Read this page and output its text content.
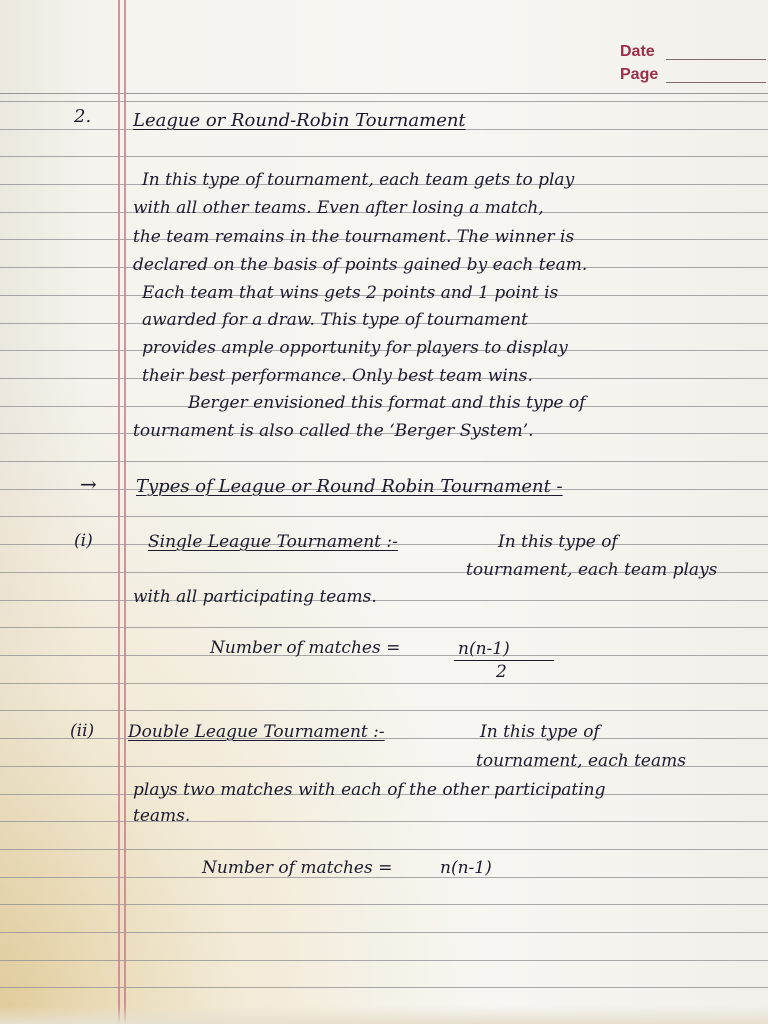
Date
Page
2. League or Round-Robin Tournament
In this type of tournament, each team gets to play
with all other teams. Even after losing a match,
the team remains in the tournament. The winner is
declared on the basis of points gained by each team.
Each team that wins gets 2 points and 1 point is
awarded for a draw. This type of tournament
provides ample opportunity for players to display
their best performance. Only best team wins.
Berger envisioned this format and this type of
tournament is also called the ‘Berger System’.
→ Types of League or Round Robin Tournament -
(i)	Single League Tournament :-	In this type of
tournament, each team plays
with all participating teams.
Number of matches =	n(n-1)
2
(ii) Double League Tournament :-	In this type of
tournament, each teams
plays two matches with each of the other participating
teams.
Number of matches =	n(n-1)
